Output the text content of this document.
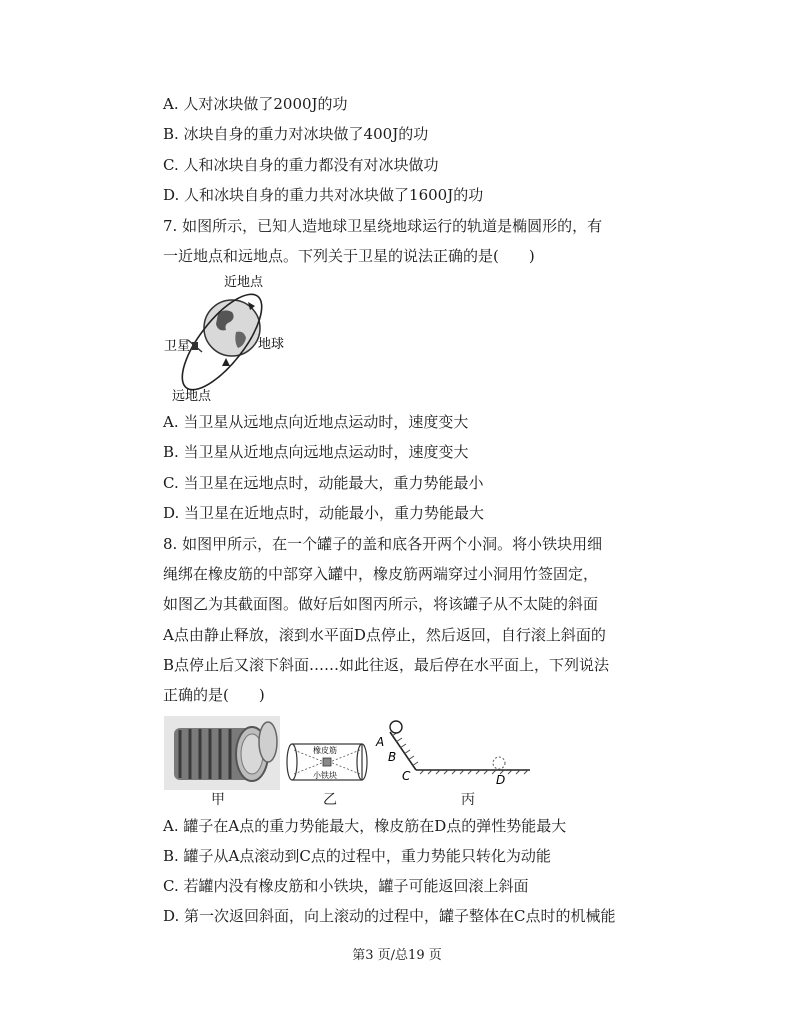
A. 人对冰块做了2000J的功
B. 冰块自身的重力对冰块做了400J的功
C. 人和冰块自身的重力都没有对冰块做功
D. 人和冰块自身的重力共对冰块做了1600J的功
7. 如图所示，已知人造地球卫星绕地球运行的轨道是椭圆形的，有
一近地点和远地点。下列关于卫星的说法正确的是(　　)
近地点
卫星	地球
远地点
A. 当卫星从远地点向近地点运动时，速度变大
B. 当卫星从近地点向远地点运动时，速度变大
C. 当卫星在远地点时，动能最大，重力势能最小
D. 当卫星在近地点时，动能最小，重力势能最大
8. 如图甲所示，在一个罐子的盖和底各开两个小洞。将小铁块用细
绳绑在橡皮筋的中部穿入罐中，橡皮筋两端穿过小洞用竹签固定，
如图乙为其截面图。做好后如图丙所示，将该罐子从不太陡的斜面
A点由静止释放，滚到水平面D点停止，然后返回，自行滚上斜面的
B点停止后又滚下斜面……如此往返，最后停在水平面上，下列说法
正确的是(　　)
橡皮筋
小铁块
A
B
C	D
甲	乙	丙
A. 罐子在A点的重力势能最大，橡皮筋在D点的弹性势能最大
B. 罐子从A点滚动到C点的过程中，重力势能只转化为动能
C. 若罐内没有橡皮筋和小铁块，罐子可能返回滚上斜面
D. 第一次返回斜面，向上滚动的过程中，罐子整体在C点时的机械能
第3 页/总19 页
